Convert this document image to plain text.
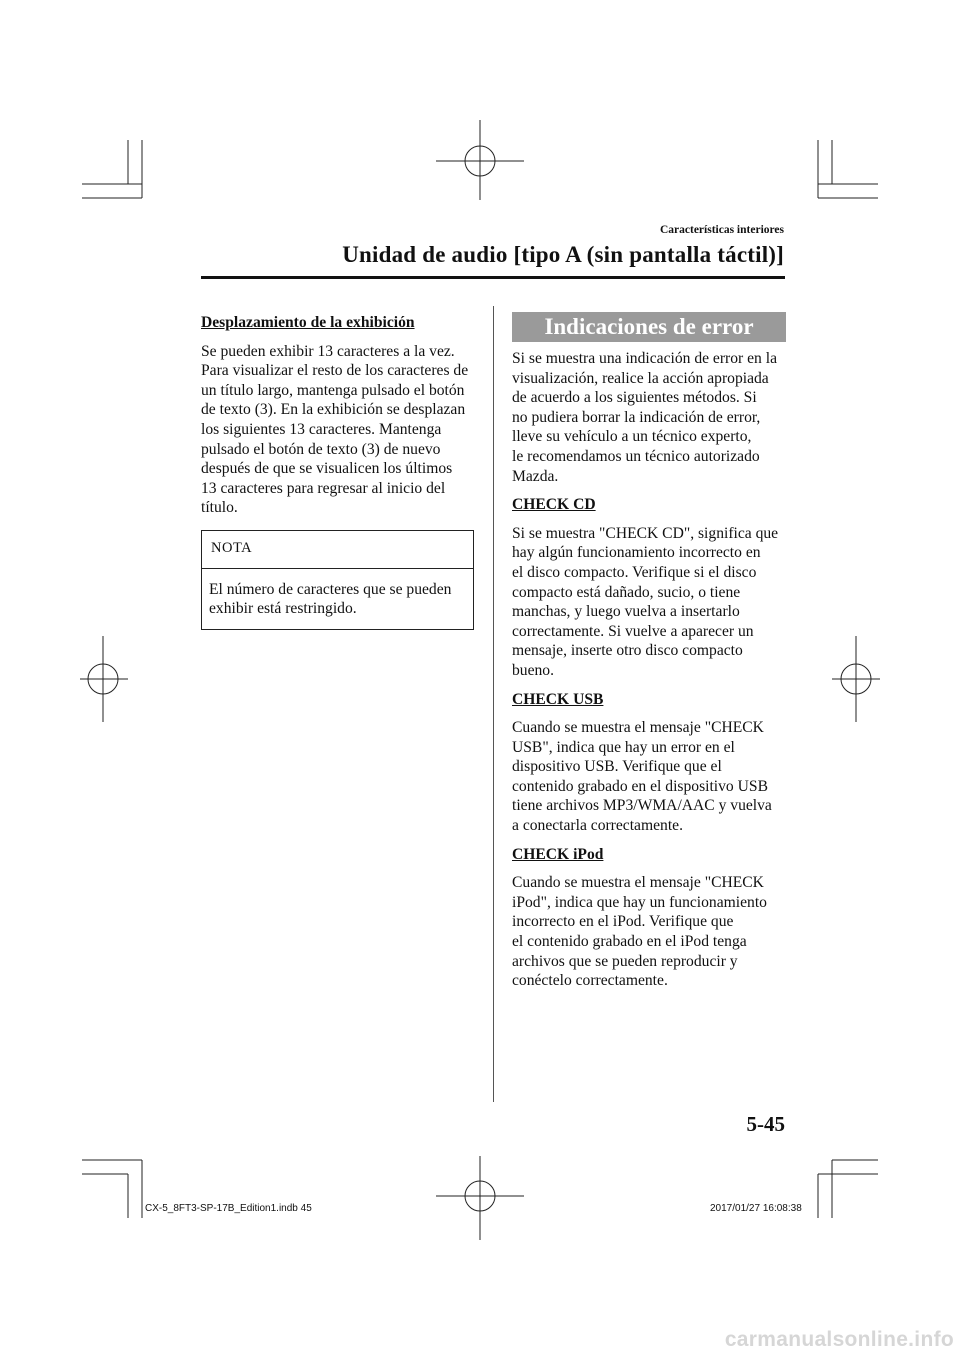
Características interiores
Unidad de audio [tipo A (sin pantalla táctil)]
Desplazamiento de la exhibición
Se pueden exhibir 13 caracteres a la vez.
Para visualizar el resto de los caracteres de
un título largo, mantenga pulsado el botón
de texto (3). En la exhibición se desplazan
los siguientes 13 caracteres. Mantenga
pulsado el botón de texto (3) de nuevo
después de que se visualicen los últimos
13 caracteres para regresar al inicio del
título.
NOTA
El número de caracteres que se pueden
exhibir está restringido.
Indicaciones de error

Si se muestra una indicación de error en la
visualización, realice la acción apropiada
de acuerdo a los siguientes métodos. Si
no pudiera borrar la indicación de error,
lleve su vehículo a un técnico experto,
le recomendamos un técnico autorizado
Mazda.

CHECK CD

Si se muestra "CHECK CD", significa que
hay algún funcionamiento incorrecto en
el disco compacto. Verifique si el disco
compacto está dañado, sucio, o tiene
manchas, y luego vuelva a insertarlo
correctamente. Si vuelve a aparecer un
mensaje, inserte otro disco compacto
bueno.

CHECK USB

Cuando se muestra el mensaje "CHECK
USB", indica que hay un error en el
dispositivo USB. Verifique que el
contenido grabado en el dispositivo USB
tiene archivos MP3/WMA/AAC y vuelva
a conectarla correctamente.

CHECK iPod

Cuando se muestra el mensaje "CHECK
iPod", indica que hay un funcionamiento
incorrecto en el iPod. Verifique que
el contenido grabado en el iPod tenga
archivos que se pueden reproducir y
conéctelo correctamente.

5-45
CX-5_8FT3-SP-17B_Edition1.indb 45	2017/01/27 16:08:38
carmanualsonline.info
